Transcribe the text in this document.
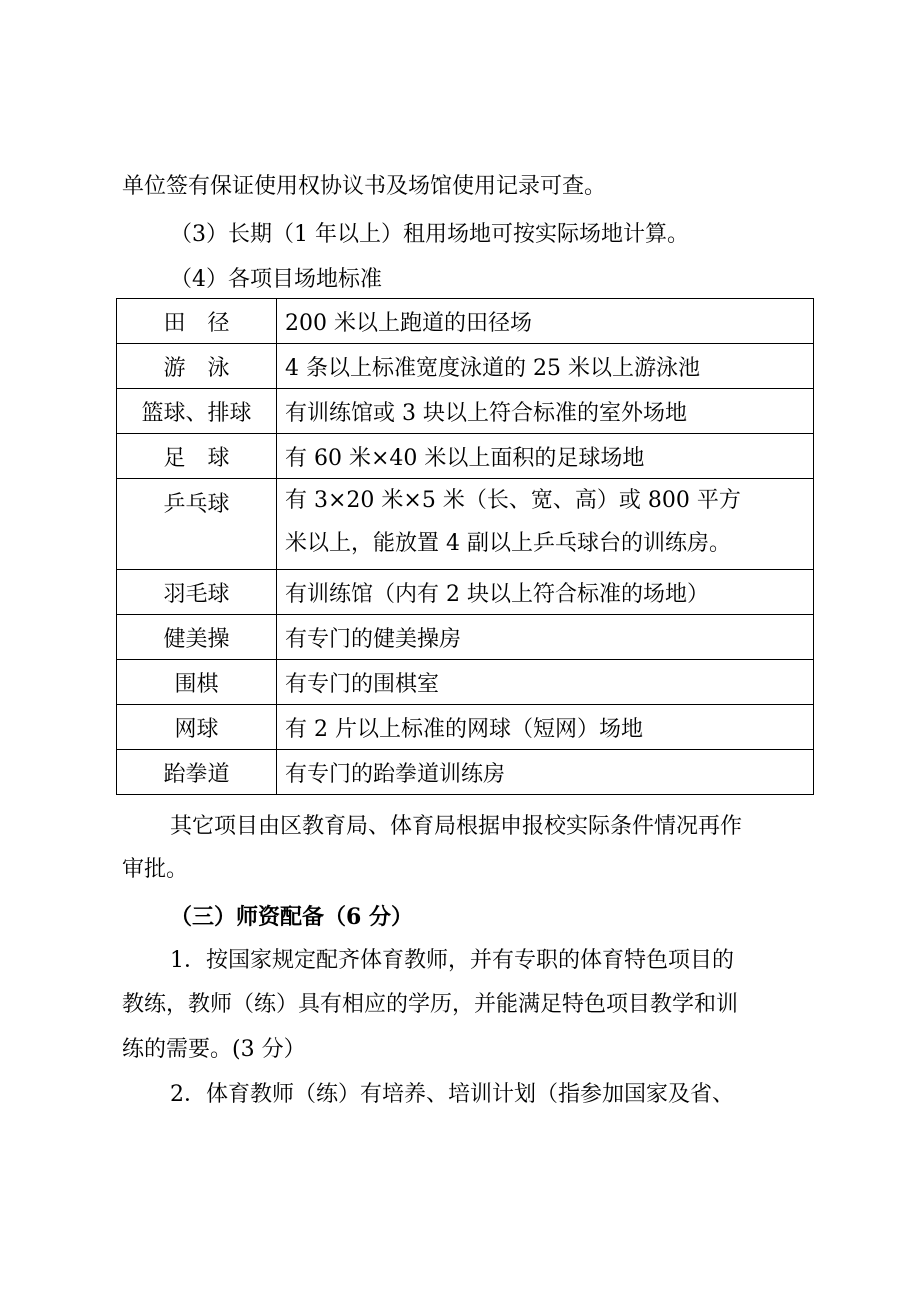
单位签有保证使用权协议书及场馆使用记录可查。
（3）长期（1 年以上）租用场地可按实际场地计算。
（4）各项目场地标准
田　径	200 米以上跑道的田径场
游　泳	4 条以上标准宽度泳道的 25 米以上游泳池
篮球、排球	有训练馆或 3 块以上符合标准的室外场地
足　球	有 60 米×40 米以上面积的足球场地
乒乓球	有 3×20 米×5 米（长、宽、高）或 800 平方
米以上，能放置 4 副以上乒乓球台的训练房。

羽毛球	有训练馆（内有 2 块以上符合标准的场地）
健美操	有专门的健美操房
围棋	有专门的围棋室
网球	有 2 片以上标准的网球（短网）场地
跆拳道	有专门的跆拳道训练房
其它项目由区教育局、体育局根据申报校实际条件情况再作
审批。
（三）师资配备（6 分）
1．按国家规定配齐体育教师，并有专职的体育特色项目的
教练，教师（练）具有相应的学历，并能满足特色项目教学和训
练的需要。(3 分）
2．体育教师（练）有培养、培训计划（指参加国家及省、
